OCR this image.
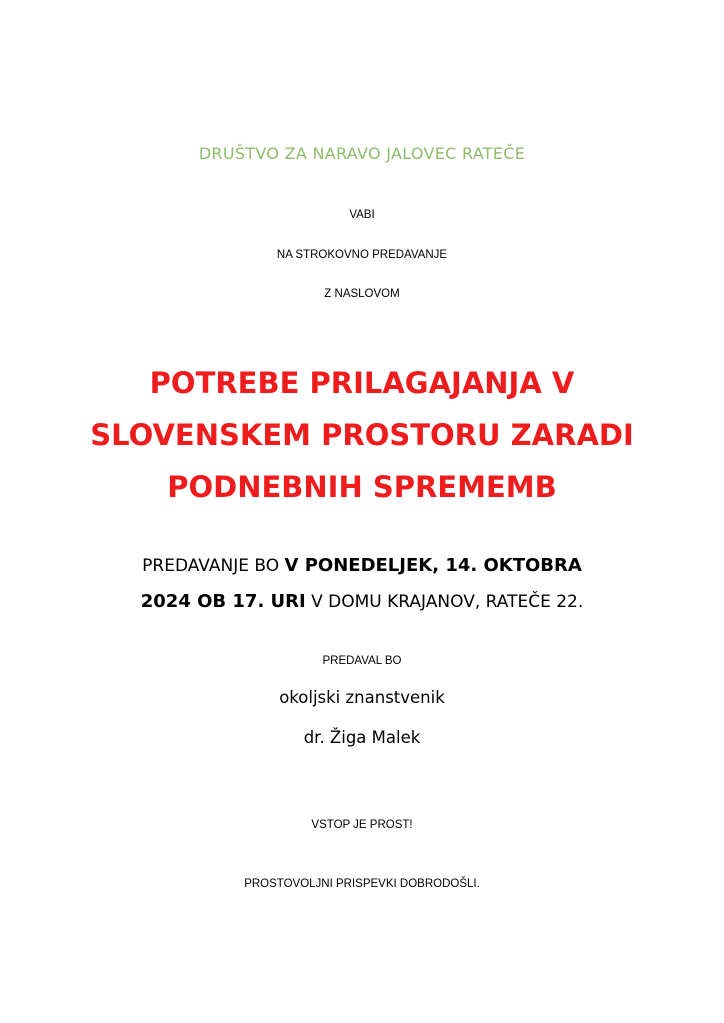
DRUŠTVO ZA NARAVO JALOVEC RATEČE
VABI
NA STROKOVNO PREDAVANJE
Z NASLOVOM
POTREBE PRILAGAJANJA V
SLOVENSKEM PROSTORU ZARADI
PODNEBNIH SPREMEMB
PREDAVANJE BO V PONEDELJEK, 14. OKTOBRA
2024 OB 17. URI V DOMU KRAJANOV, RATEČE 22.
PREDAVAL BO
okoljski znanstvenik
dr. Žiga Malek
VSTOP JE PROST!
PROSTOVOLJNI PRISPEVKI DOBRODOŠLI.
